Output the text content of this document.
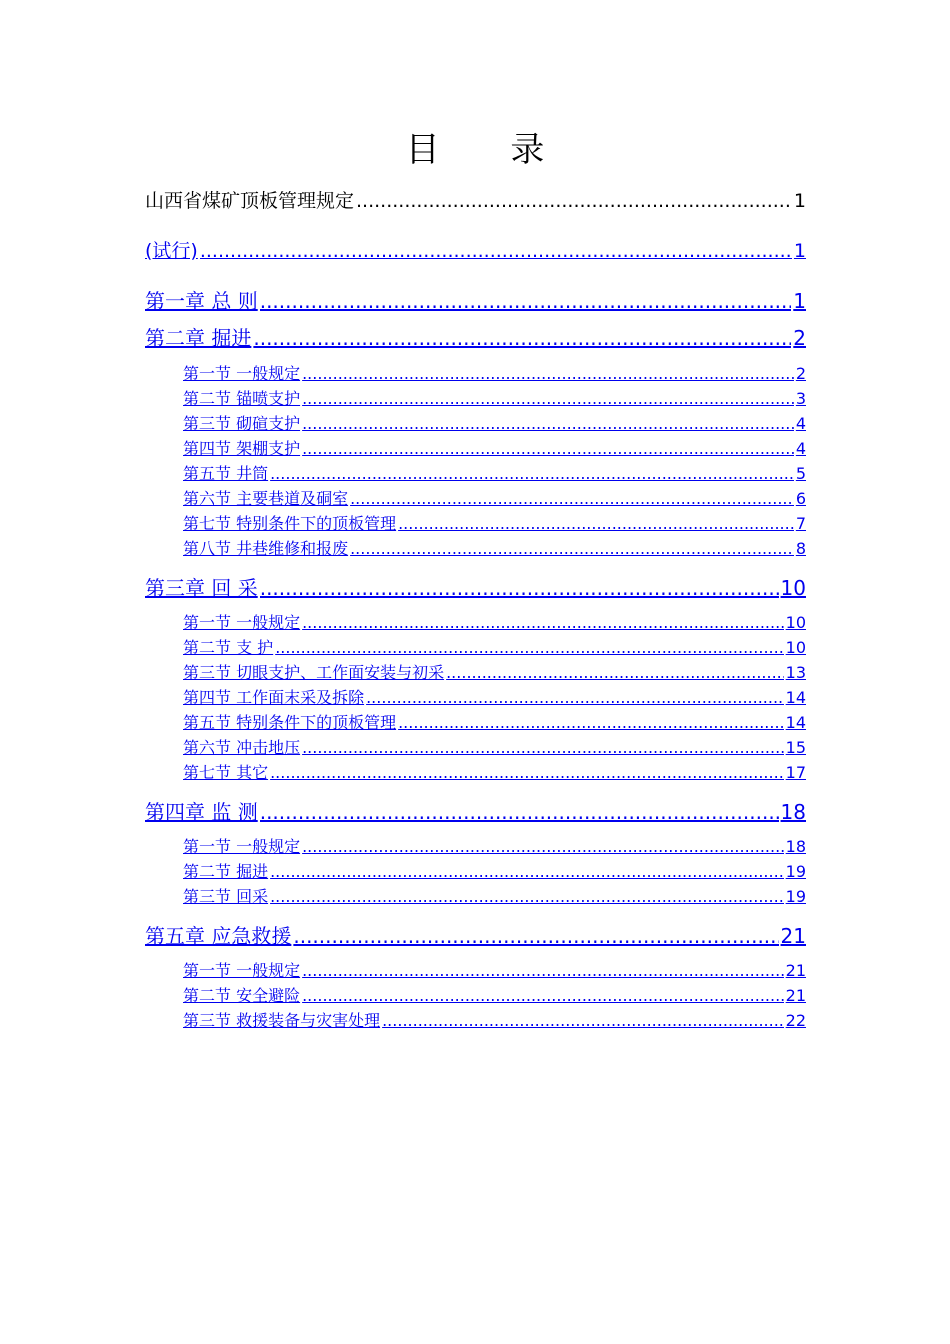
目 录
山西省煤矿顶板管理规定 .....	1
(试行) .....	1
第一章 总 则 .....	1
第二章 掘进 .....	2
第一节 一般规定 .....	2
第二节 锚喷支护 .....	3
第三节 砌碹支护 .....	4
第四节 架棚支护 .....	4
第五节 井筒 .....	5
第六节 主要巷道及硐室 .....	6
第七节 特别条件下的顶板管理 .....	7
第八节 井巷维修和报废 .....	8
第三章 回 采 .....	10
第一节 一般规定 .....	10
第二节 支 护 .....	10
第三节 切眼支护、工作面安装与初采 .....	13
第四节 工作面末采及拆除 .....	14
第五节 特别条件下的顶板管理 .....	14
第六节 冲击地压 .....	15
第七节 其它 .....	17
第四章 监 测 .....	18
第一节 一般规定 .....	18
第二节 掘进 .....	19
第三节 回采 .....	19
第五章 应急救援 .....	21
第一节 一般规定 .....	21
第二节 安全避险 .....	21
第三节 救援装备与灾害处理 .....	22
